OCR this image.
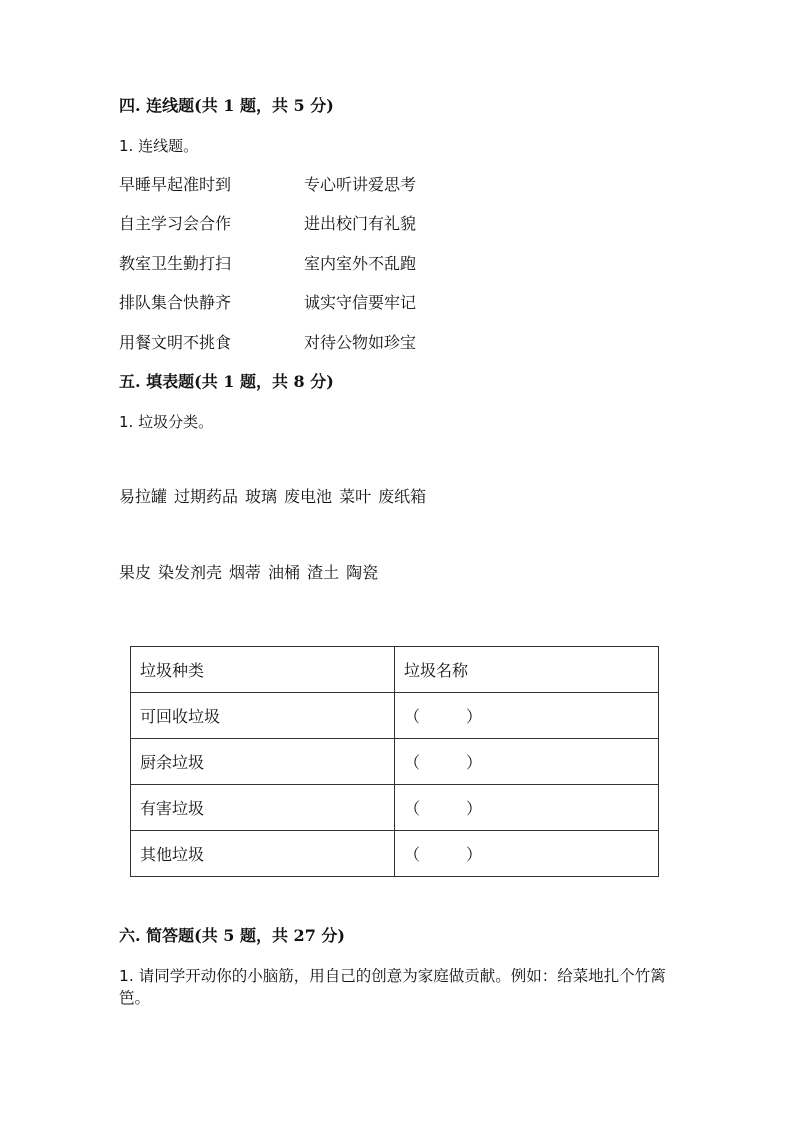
四. 连线题(共 1 题，共 5 分)
1. 连线题。
早睡早起准时到
自主学习会合作
教室卫生勤打扫
排队集合快静齐
用餐文明不挑食
专心听讲爱思考
进出校门有礼貌
室内室外不乱跑
诚实守信要牢记
对待公物如珍宝
五. 填表题(共 1 题，共 8 分)
1. 垃圾分类。
易拉罐 过期药品 玻璃 废电池 菜叶 废纸箱
果皮 染发剂壳 烟蒂 油桶 渣土 陶瓷
垃圾种类	垃圾名称
可回收垃圾	（ ）
厨余垃圾	（ ）
有害垃圾	（ ）
其他垃圾	（ ）
六. 简答题(共 5 题，共 27 分)
1. 请同学开动你的小脑筋，用自己的创意为家庭做贡献。例如：给菜地扎个竹篱笆。
